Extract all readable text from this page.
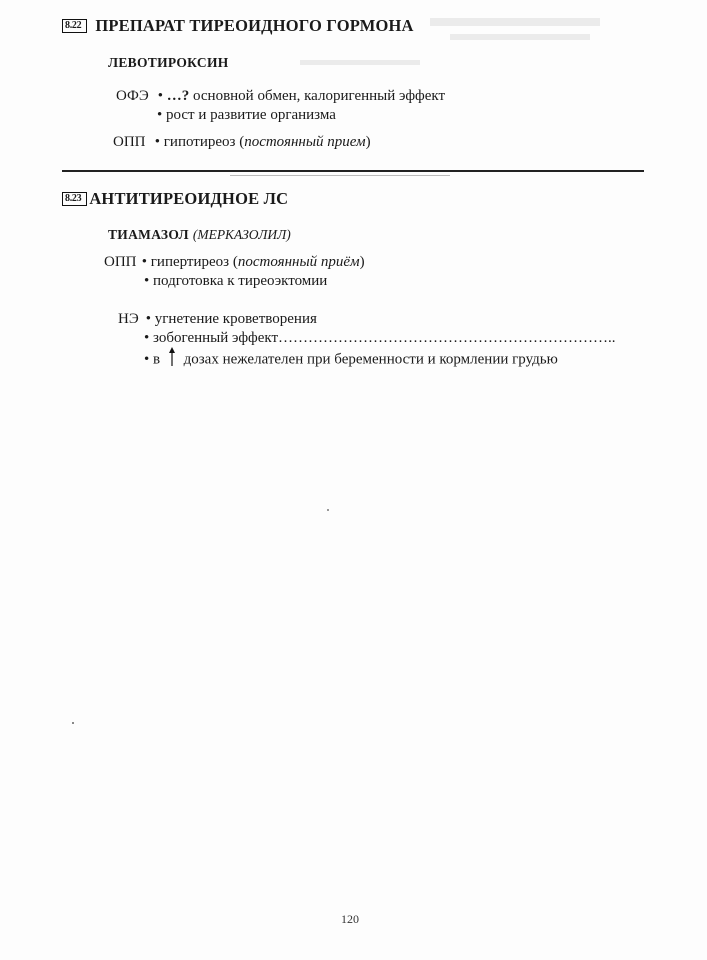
8.22 ПРЕПАРАТ ТИРЕОИДНОГО ГОРМОНА
ЛЕВОТИРОКСИН
ОФЭ • …? основной обмен, калоригенный эффект
• рост и развитие организма
ОПП • гипотиреоз (постоянный прием)
8.23 АНТИТИРЕОИДНОЕ ЛС
ТИАМАЗОЛ (МЕРКАЗОЛИЛ)
ОПП • гипертиреоз (постоянный приём)
• подготовка к тиреоэктомии
НЭ • угнетение кроветворения
• зобогенный эффект…………………………………………………………..
• в дозах нежелателен при беременности и кормлении грудью
120
